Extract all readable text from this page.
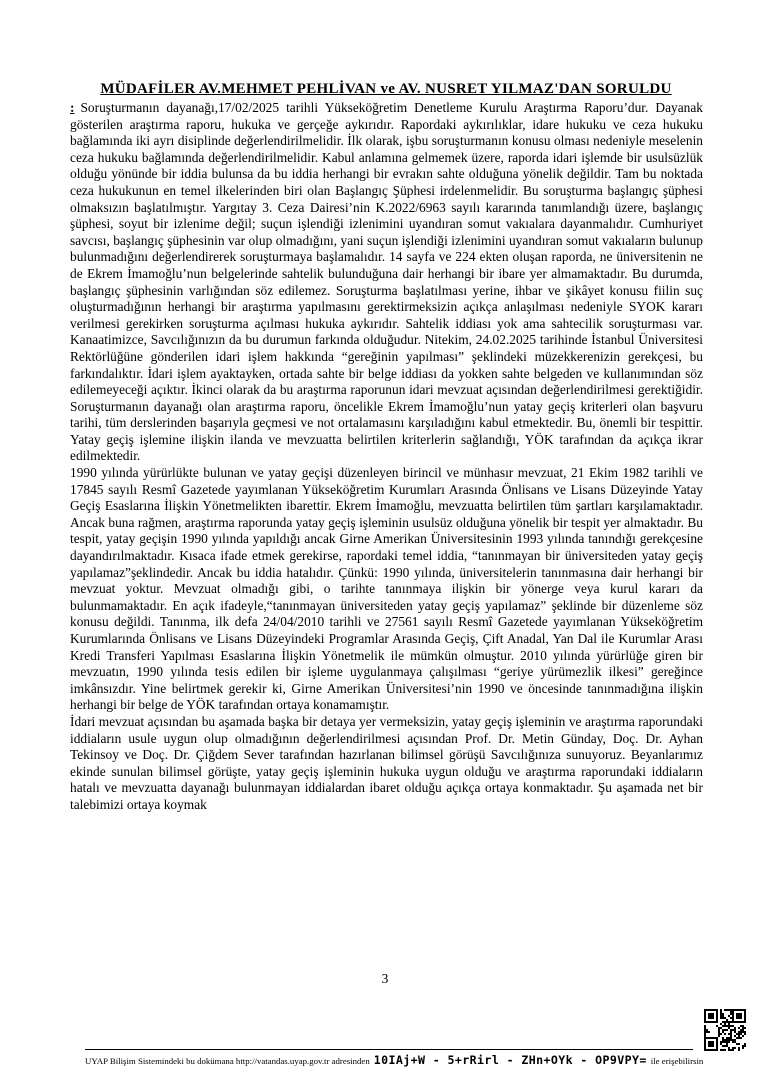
MÜDAFİLER AV.MEHMET PEHLİVAN ve AV. NUSRET YILMAZ'DAN SORULDU

: Soruşturmanın dayanağı,17/02/2025 tarihli Yükseköğretim Denetleme Kurulu Araştırma Raporu’dur. Dayanak gösterilen araştırma raporu, hukuka ve gerçeğe aykırıdır. Rapordaki aykırılıklar, idare hukuku ve ceza hukuku bağlamında iki ayrı disiplinde değerlendirilmelidir. İlk olarak, işbu soruşturmanın konusu olması nedeniyle meselenin ceza hukuku bağlamında değerlendirilmelidir. Kabul anlamına gelmemek üzere, raporda idari işlemde bir usulsüzlük olduğu yönünde bir iddia bulunsa da bu iddia herhangi bir evrakın sahte olduğuna yönelik değildir. Tam bu noktada ceza hukukunun en temel ilkelerinden biri olan Başlangıç Şüphesi irdelenmelidir. Bu soruşturma başlangıç şüphesi olmaksızın başlatılmıştır. Yargıtay 3. Ceza Dairesi’nin K.2022/6963 sayılı kararında tanımlandığı üzere, başlangıç şüphesi, soyut bir izlenime değil; suçun işlendiği izlenimini uyandıran somut vakıalara dayanmalıdır. Cumhuriyet savcısı, başlangıç şüphesinin var olup olmadığını, yani suçun işlendiği izlenimini uyandıran somut vakıaların bulunup bulunmadığını değerlendirerek soruşturmaya başlamalıdır. 14 sayfa ve 224 ekten oluşan raporda, ne üniversitenin ne de Ekrem İmamoğlu’nun belgelerinde sahtelik bulunduğuna dair herhangi bir ibare yer almamaktadır. Bu durumda, başlangıç şüphesinin varlığından söz edilemez. Soruşturma başlatılması yerine, ihbar ve şikâyet konusu fiilin suç oluşturmadığının herhangi bir araştırma yapılmasını gerektirmeksizin açıkça anlaşılması nedeniyle SYOK kararı verilmesi gerekirken soruşturma açılması hukuka aykırıdır. Sahtelik iddiası yok ama sahtecilik soruşturması var. Kanaatimizce, Savcılığınızın da bu durumun farkında olduğudur. Nitekim, 24.02.2025 tarihinde İstanbul Üniversitesi Rektörlüğüne gönderilen idari işlem hakkında “gereğinin yapılması” şeklindeki müzekkerenizin gerekçesi, bu farkındalıktır. İdari işlem ayaktayken, ortada sahte bir belge iddiası da yokken sahte belgeden ve kullanımından söz edilemeyeceği açıktır. İkinci olarak da bu araştırma raporunun idari mevzuat açısından değerlendirilmesi gerektiğidir. Soruşturmanın dayanağı olan araştırma raporu, öncelikle Ekrem İmamoğlu’nun yatay geçiş kriterleri olan başvuru tarihi, tüm derslerinden başarıyla geçmesi ve not ortalamasını karşıladığını kabul etmektedir. Bu, önemli bir tespittir. Yatay geçiş işlemine ilişkin ilanda ve mevzuatta belirtilen kriterlerin sağlandığı, YÖK tarafından da açıkça ikrar edilmektedir.

1990 yılında yürürlükte bulunan ve yatay geçişi düzenleyen birincil ve münhasır mevzuat, 21 Ekim 1982 tarihli ve 17845 sayılı Resmî Gazetede yayımlanan Yükseköğretim Kurumları Arasında Önlisans ve Lisans Düzeyinde Yatay Geçiş Esaslarına İlişkin Yönetmelikten ibarettir. Ekrem İmamoğlu, mevzuatta belirtilen tüm şartları karşılamaktadır. Ancak buna rağmen, araştırma raporunda yatay geçiş işleminin usulsüz olduğuna yönelik bir tespit yer almaktadır. Bu tespit, yatay geçişin 1990 yılında yapıldığı ancak Girne Amerikan Üniversitesinin 1993 yılında tanındığı gerekçesine dayandırılmaktadır. Kısaca ifade etmek gerekirse, rapordaki temel iddia, “tanınmayan bir üniversiteden yatay geçiş yapılamaz”şeklindedir. Ancak bu iddia hatalıdır. Çünkü: 1990 yılında, üniversitelerin tanınmasına dair herhangi bir mevzuat yoktur. Mevzuat olmadığı gibi, o tarihte tanınmaya ilişkin bir yönerge veya kurul kararı da bulunmamaktadır. En açık ifadeyle,“tanınmayan üniversiteden yatay geçiş yapılamaz” şeklinde bir düzenleme söz konusu değildi. Tanınma, ilk defa 24/04/2010 tarihli ve 27561 sayılı Resmî Gazetede yayımlanan Yükseköğretim Kurumlarında Önlisans ve Lisans Düzeyindeki Programlar Arasında Geçiş, Çift Anadal, Yan Dal ile Kurumlar Arası Kredi Transferi Yapılması Esaslarına İlişkin Yönetmelik ile mümkün olmuştur. 2010 yılında yürürlüğe giren bir mevzuatın, 1990 yılında tesis edilen bir işleme uygulanmaya çalışılması “geriye yürümezlik ilkesi” gereğince imkânsızdır. Yine belirtmek gerekir ki, Girne Amerikan Üniversitesi’nin 1990 ve öncesinde tanınmadığına ilişkin herhangi bir belge de YÖK tarafından ortaya konamamıştır.

İdari mevzuat açısından bu aşamada başka bir detaya yer vermeksizin, yatay geçiş işleminin ve araştırma raporundaki iddiaların usule uygun olup olmadığının değerlendirilmesi açısından Prof. Dr. Metin Günday, Doç. Dr. Ayhan Tekinsoy ve Doç. Dr. Çiğdem Sever tarafından hazırlanan bilimsel görüşü Savcılığınıza sunuyoruz. Beyanlarımız ekinde sunulan bilimsel görüşte, yatay geçiş işleminin hukuka uygun olduğu ve araştırma raporundaki iddiaların hatalı ve mevzuatta dayanağı bulunmayan iddialardan ibaret olduğu açıkça ortaya konmaktadır. Şu aşamada net bir talebimizi ortaya koymak

3
UYAP Bilişim Sistemindeki bu dokümana http://vatandas.uyap.gov.tr adresinden 10IAj+W - 5+rRirl - ZHn+OYk - OP9VPY= ile erişebilirsin
